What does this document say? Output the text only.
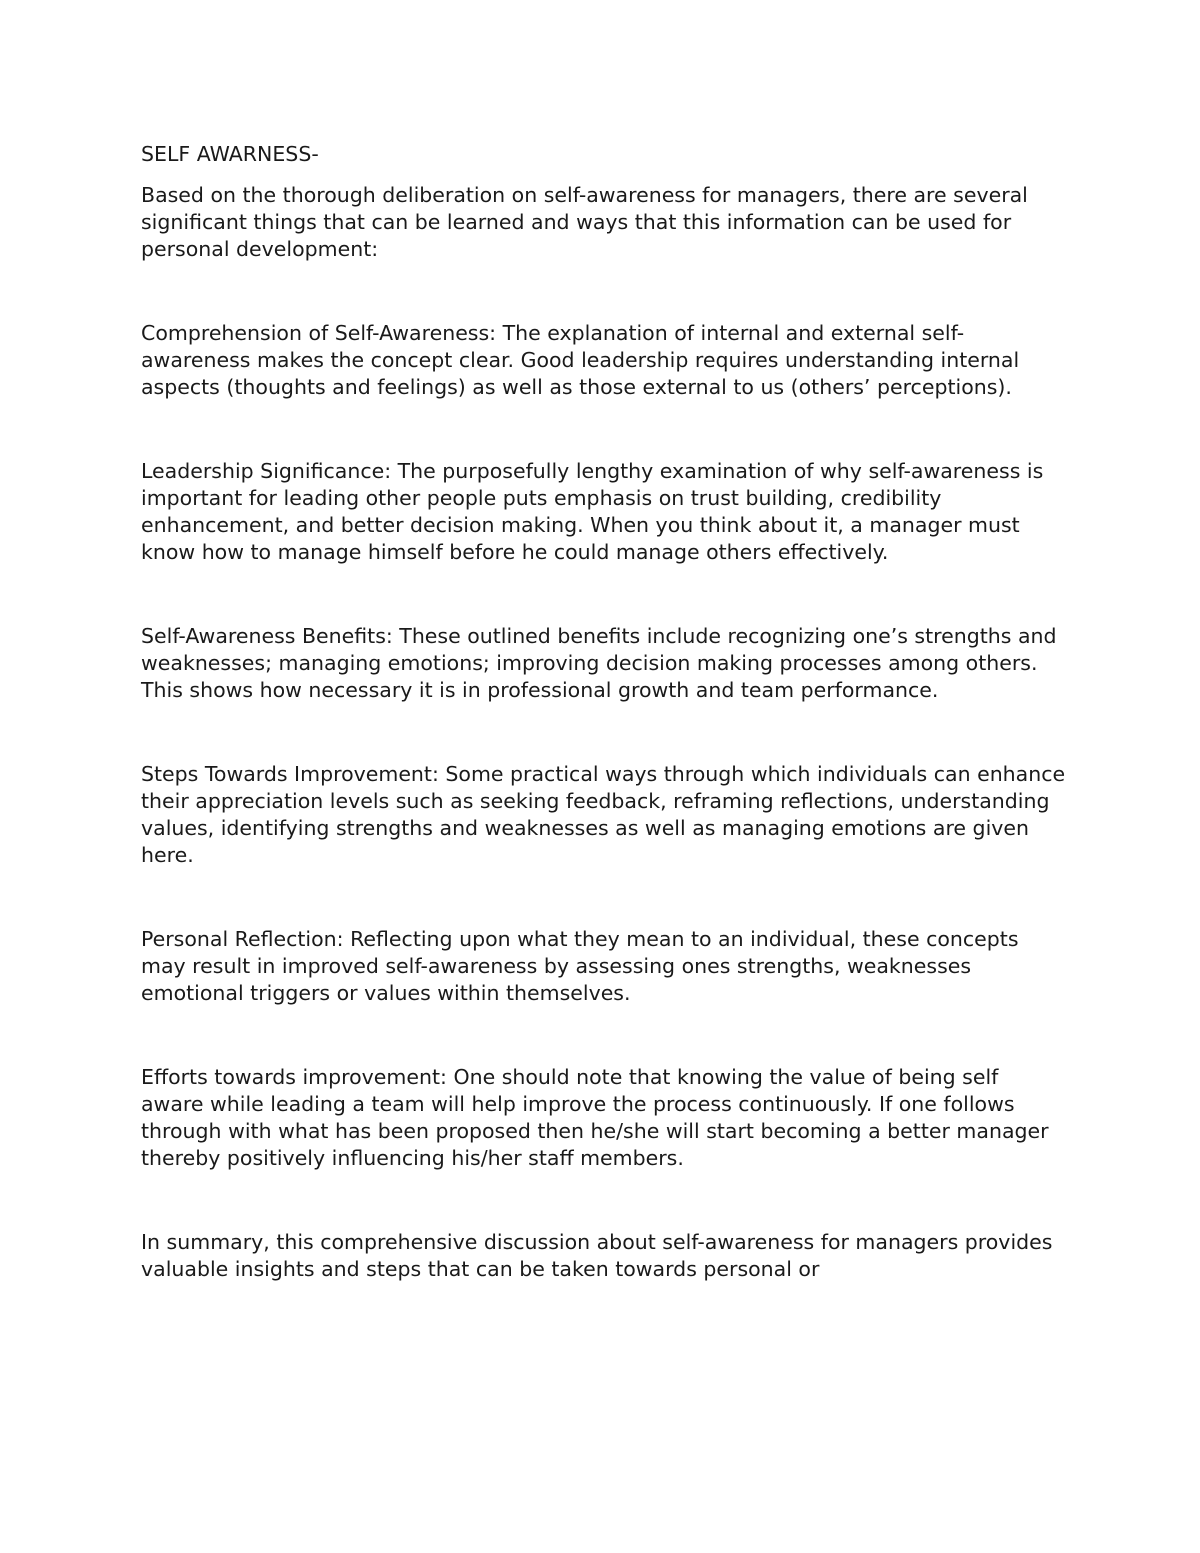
SELF AWARNESS-

Based on the thorough deliberation on self-awareness for managers, there are several significant things that can be learned and ways that this information can be used for personal development:

Comprehension of Self-Awareness: The explanation of internal and external self-awareness makes the concept clear. Good leadership requires understanding internal aspects (thoughts and feelings) as well as those external to us (others’ perceptions).

Leadership Significance: The purposefully lengthy examination of why self-awareness is important for leading other people puts emphasis on trust building, credibility enhancement, and better decision making. When you think about it, a manager must know how to manage himself before he could manage others effectively.

Self-Awareness Benefits: These outlined benefits include recognizing one’s strengths and weaknesses; managing emotions; improving decision making processes among others. This shows how necessary it is in professional growth and team performance.

Steps Towards Improvement: Some practical ways through which individuals can enhance their appreciation levels such as seeking feedback, reframing reflections, understanding values, identifying strengths and weaknesses as well as managing emotions are given here.

Personal Reflection: Reflecting upon what they mean to an individual, these concepts may result in improved self-awareness by assessing ones strengths, weaknesses emotional triggers or values within themselves.

Efforts towards improvement: One should note that knowing the value of being self aware while leading a team will help improve the process continuously. If one follows through with what has been proposed then he/she will start becoming a better manager thereby positively influencing his/her staff members.

In summary, this comprehensive discussion about self-awareness for managers provides valuable insights and steps that can be taken towards personal or
